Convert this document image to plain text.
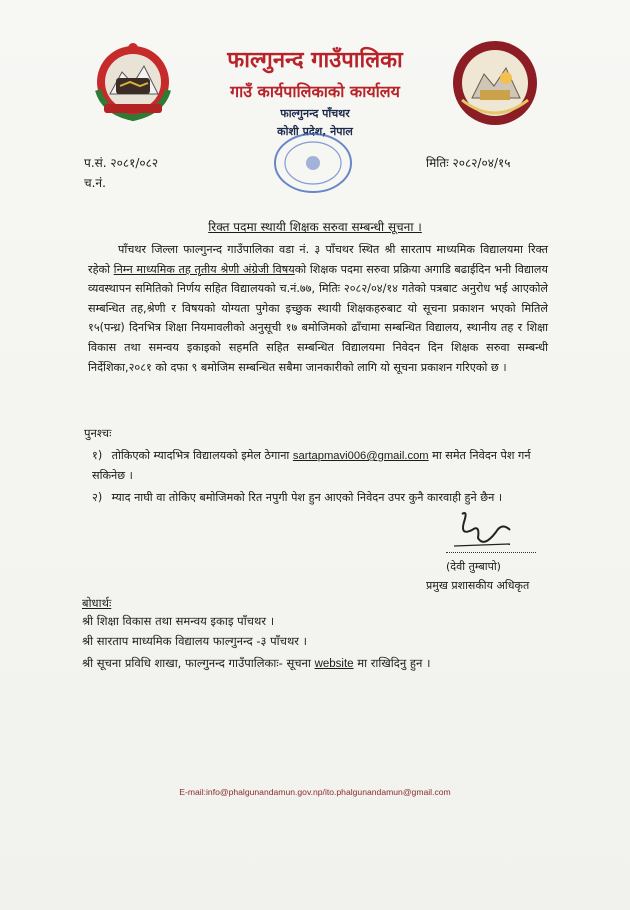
फाल्गुनन्द गाउँपालिका
गाउँ कार्यपालिकाको कार्यालय
फाल्गुनन्द पाँचथर
कोशी प्रदेश, नेपाल
प.सं. २०८१/०८२
च.नं.
मितिः २०८२/०४/१५
रिक्त पदमा स्थायी शिक्षक सरुवा सम्बन्धी सूचना ।
पाँचथर जिल्ला फाल्गुनन्द गाउँपालिका वडा नं. ३ पाँचथर स्थित श्री सारताप माध्यमिक विद्यालयमा रिक्त रहेको निम्न माध्यमिक तह तृतीय श्रेणी अंग्रेजी विषयको शिक्षक पदमा सरुवा प्रक्रिया अगाडि बढाईदिन भनी विद्यालय व्यवस्थापन समितिको निर्णय सहित विद्यालयको च.नं.७७, मितिः २०८२/०४/१४ गतेको पत्रबाट अनुरोध भई आएकोले सम्बन्धित तह,श्रेणी र विषयको योग्यता पुगेका इच्छुक स्थायी शिक्षकहरुबाट यो सूचना प्रकाशन भएको मितिले १५(पन्ध्र) दिनभित्र शिक्षा नियमावलीको अनुसूची १७ बमोजिमको ढाँचामा सम्बन्धित विद्यालय, स्थानीय तह र शिक्षा विकास तथा समन्वय इकाइको सहमति सहित सम्बन्धित विद्यालयमा निवेदन दिन शिक्षक सरुवा सम्बन्धी निर्देशिका,२०८१ को दफा ९ बमोजिम सम्बन्धित सबैमा जानकारीको लागि यो सूचना प्रकाशन गरिएको छ ।
पुनश्चः
१) तोकिएको म्यादभित्र विद्यालयको इमेल ठेगाना sartapmavi006@gmail.com मा समेत निवेदन पेश गर्न सकिनेछ ।
२) म्याद नाघी वा तोकिए बमोजिमको रित नपुगी पेश हुन आएको निवेदन उपर कुनै कारवाही हुने छैन ।
(देवी तुम्बापो)
प्रमुख प्रशासकीय अधिकृत
बोधार्थः
श्री शिक्षा विकास तथा समन्वय इकाइ पाँचथर ।
श्री सारताप माध्यमिक विद्यालय फाल्गुनन्द -३ पाँचथर ।
श्री सूचना प्रविधि शाखा, फाल्गुनन्द गाउँपालिकाः- सूचना website मा राखिदिनु हुन ।
E-mail:info@phalgunandamun.gov.np/ito.phalgunandamun@gmail.com
